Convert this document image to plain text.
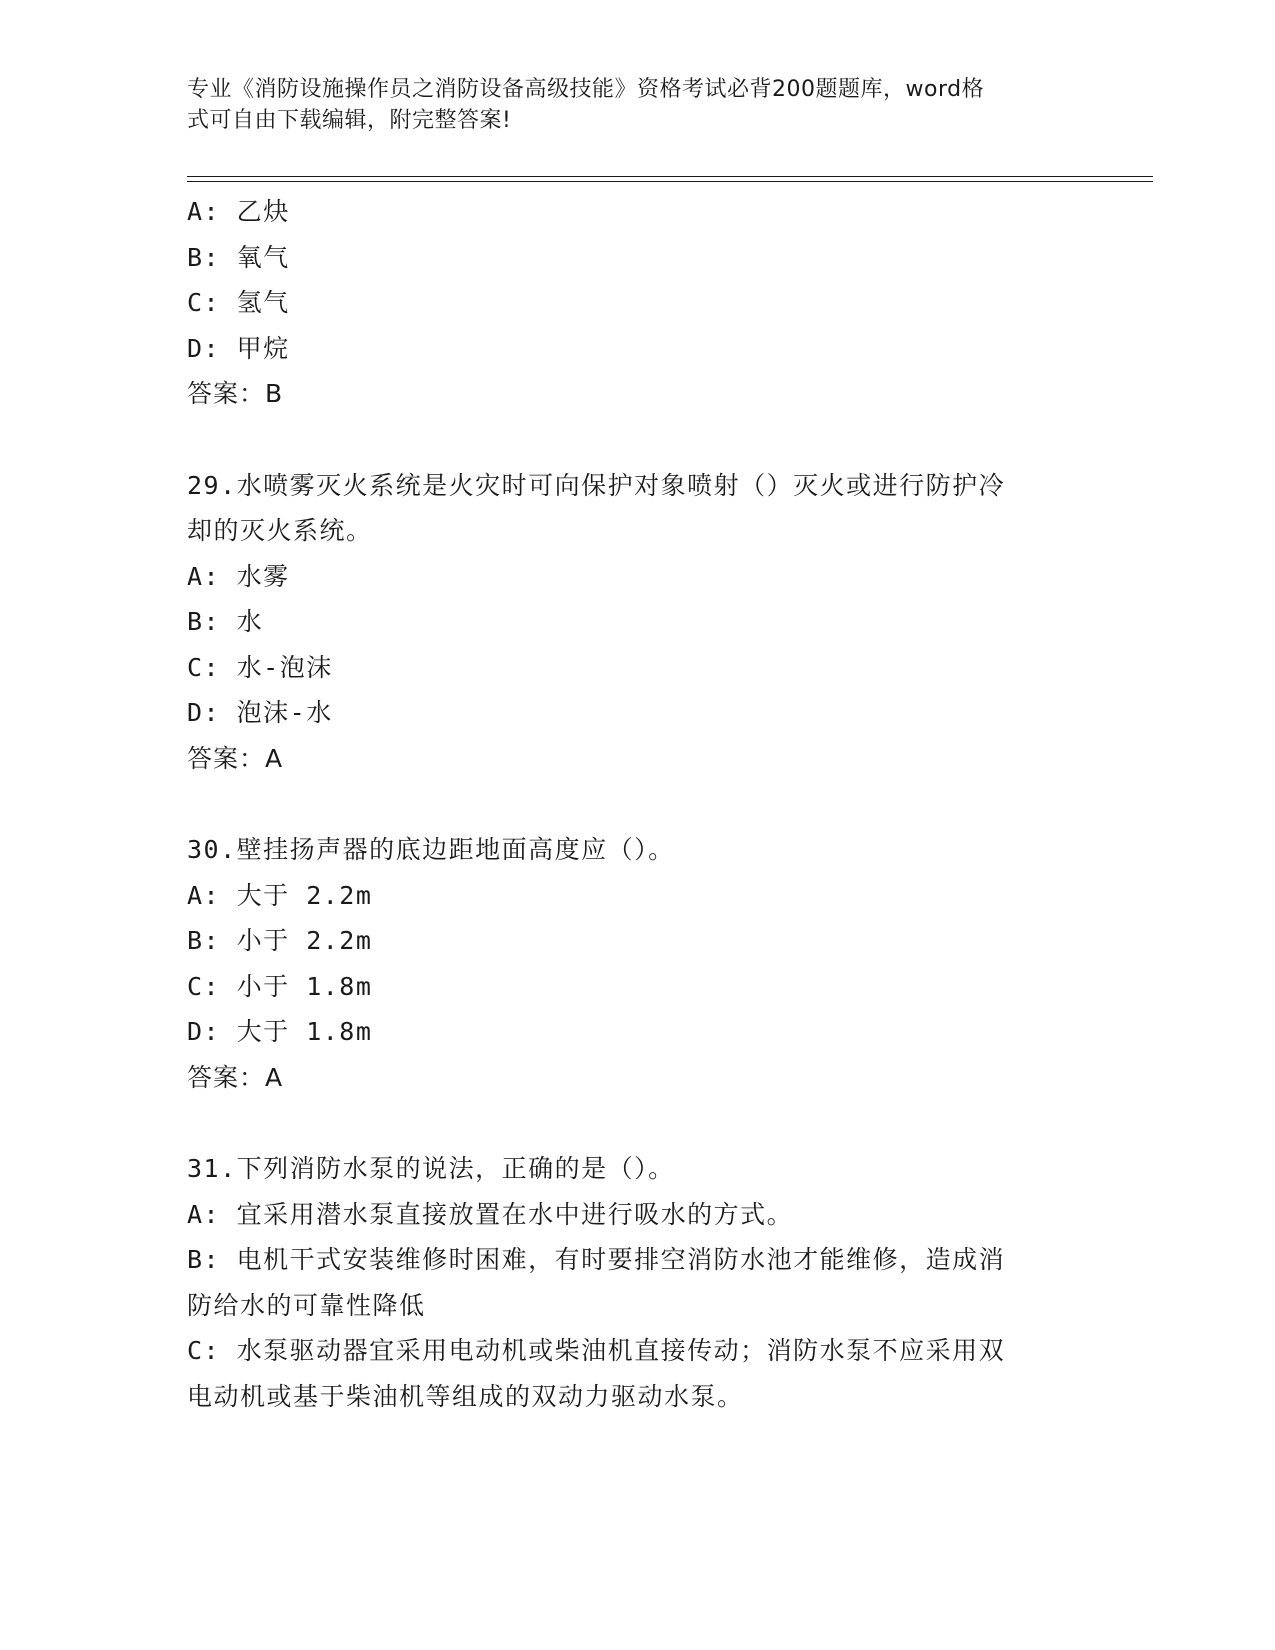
专业《消防设施操作员之消防设备高级技能》资格考试必背200题题库，word格
式可自由下载编辑，附完整答案!

A: 乙炔

B: 氧气

C: 氢气

D: 甲烷

答案：B

29.水喷雾灭火系统是火灾时可向保护对象喷射（）灭火或进行防护冷

却的灭火系统。

A: 水雾

B: 水

C: 水-泡沫

D: 泡沫-水

答案：A

30.壁挂扬声器的底边距地面高度应（）。

A: 大于 2.2m

B: 小于 2.2m

C: 小于 1.8m

D: 大于 1.8m

答案：A

31.下列消防水泵的说法，正确的是（）。

A: 宜采用潜水泵直接放置在水中进行吸水的方式。

B: 电机干式安装维修时困难，有时要排空消防水池才能维修，造成消

防给水的可靠性降低

C: 水泵驱动器宜采用电动机或柴油机直接传动；消防水泵不应采用双

电动机或基于柴油机等组成的双动力驱动水泵。
